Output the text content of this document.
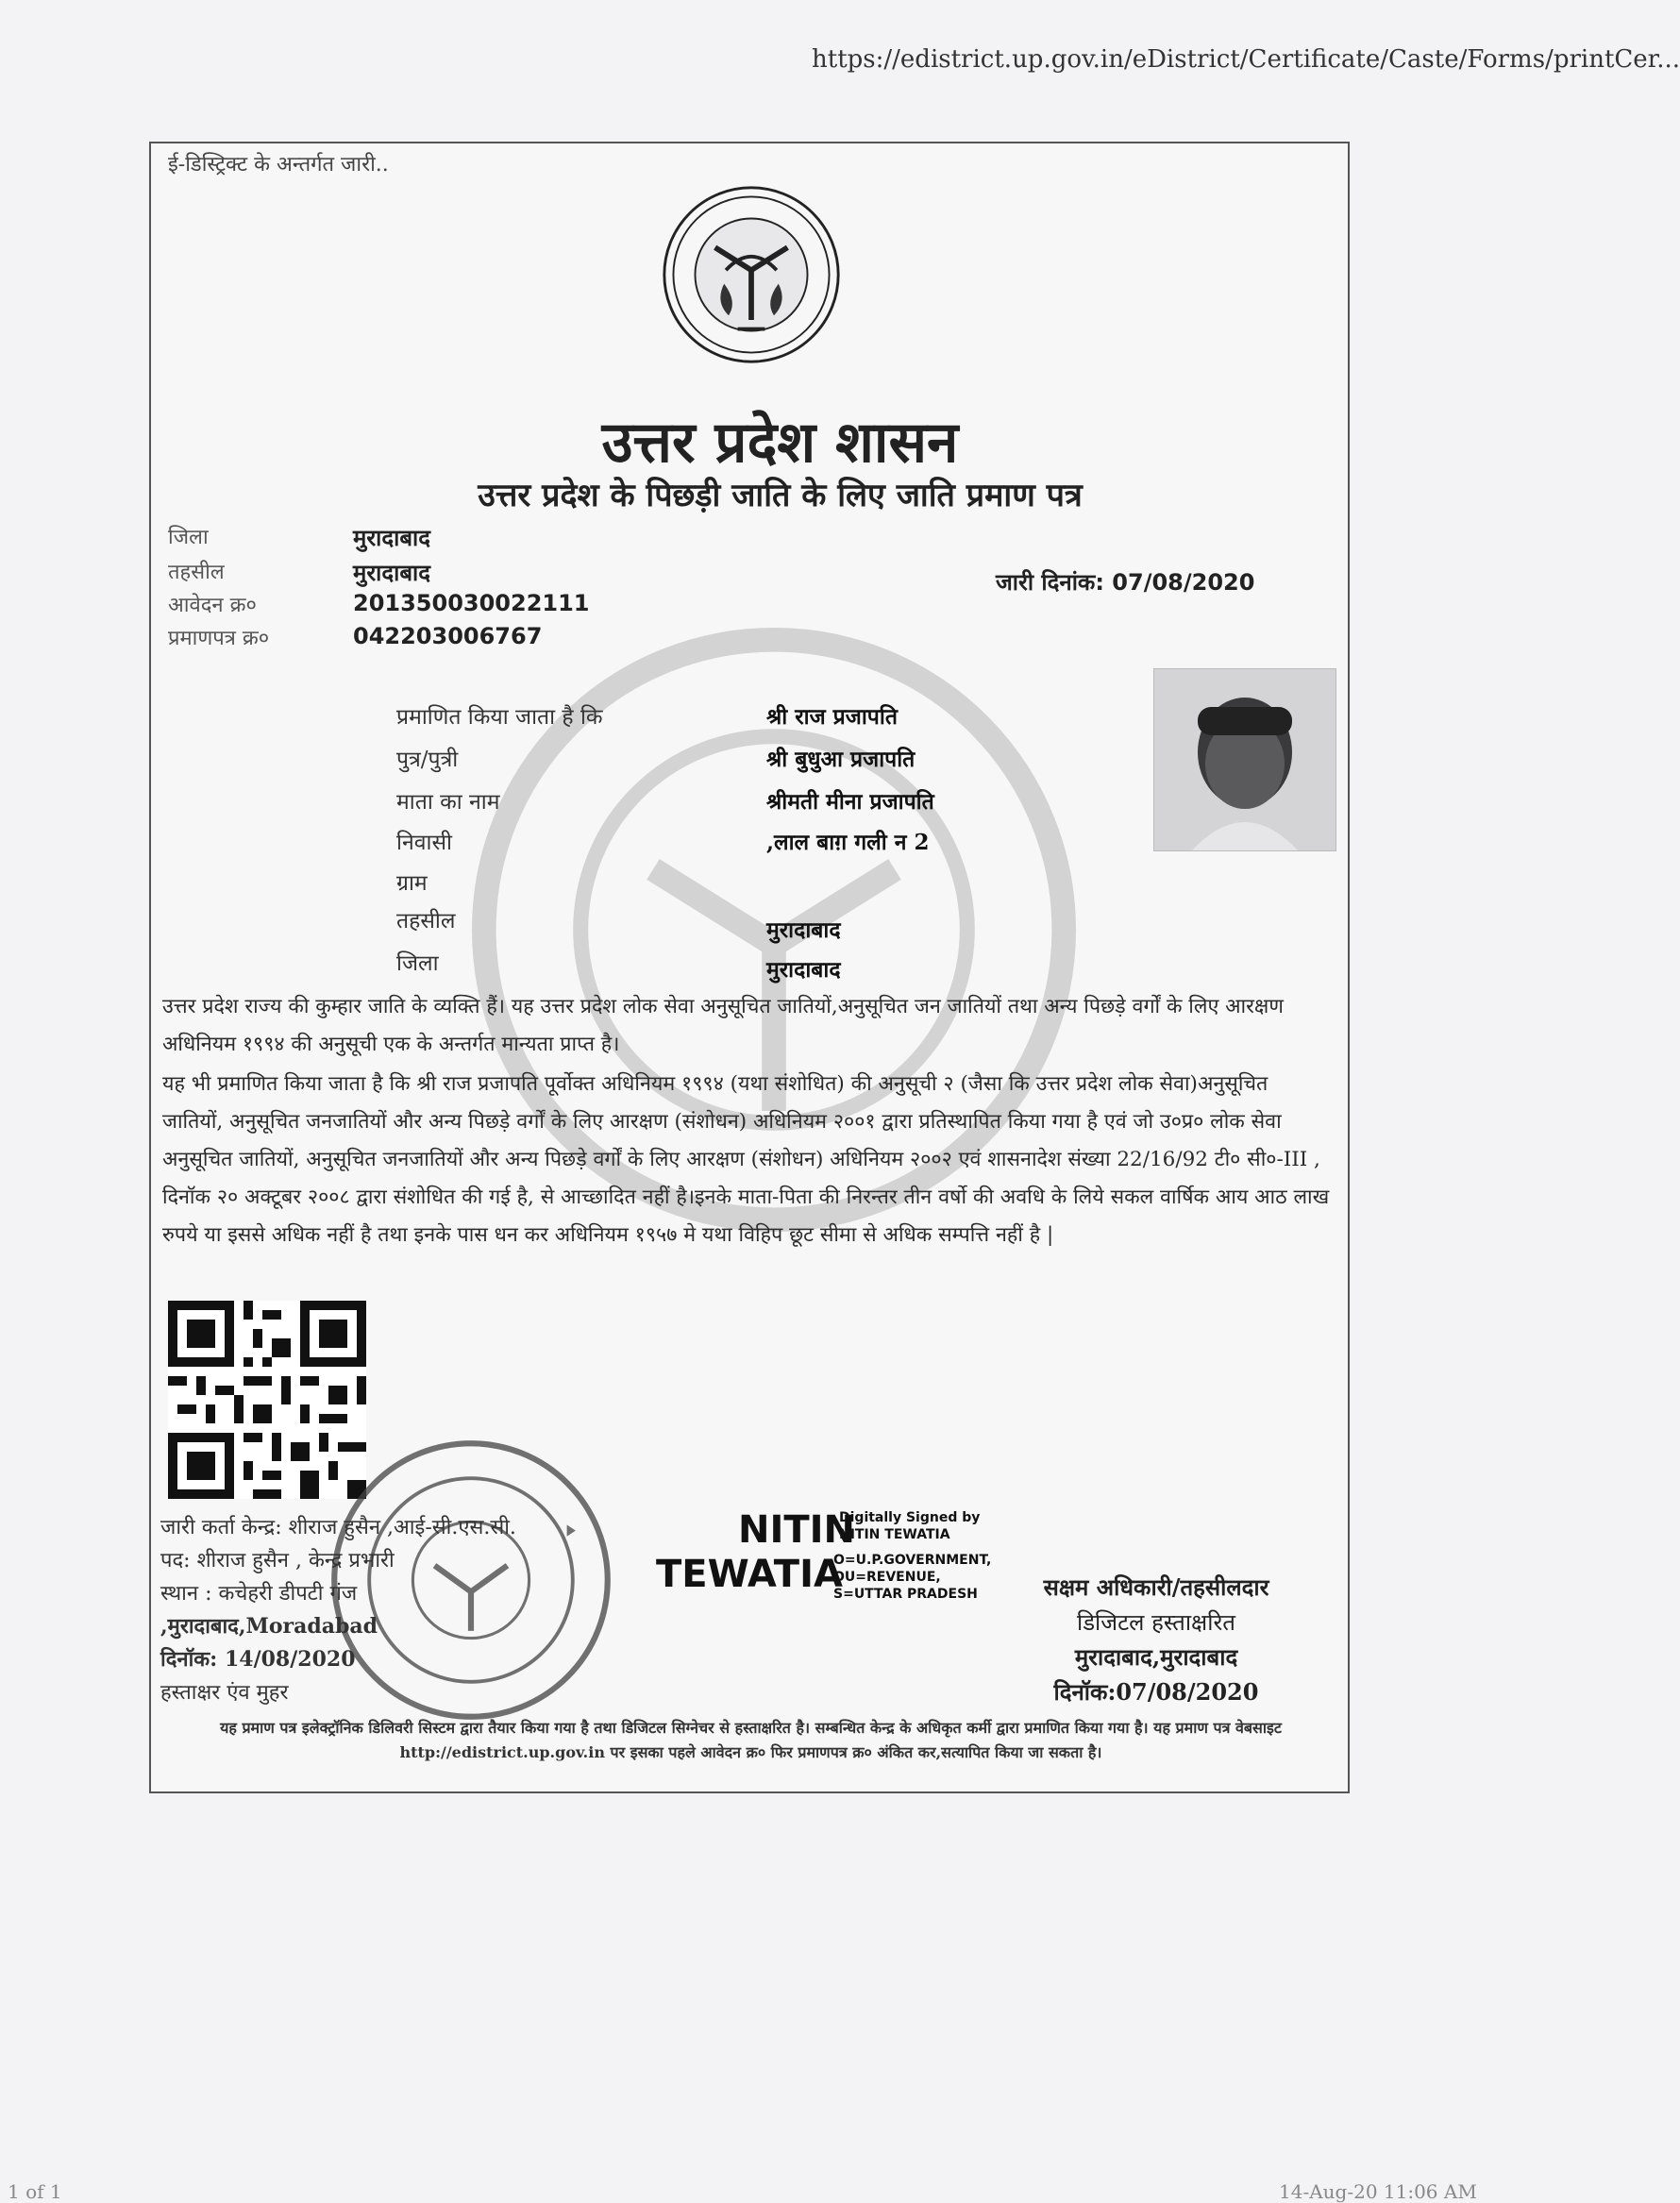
https://edistrict.up.gov.in/eDistrict/Certificate/Caste/Forms/printCer...
ई-डिस्ट्रिक्ट के अन्तर्गत जारी..
उत्तर प्रदेश शासन
उत्तर प्रदेश के पिछड़ी जाति के लिए जाति प्रमाण पत्र
जिला	मुरादाबाद
तहसील	मुरादाबाद
आवेदन क्र०	201350030022111
प्रमाणपत्र क्र०	042203006767
जारी दिनांक: 07/08/2020
प्रमाणित किया जाता है कि	श्री राज प्रजापति
पुत्र/पुत्री	श्री बुधुआ प्रजापति
माता का नाम	श्रीमती मीना प्रजापति
निवासी	,लाल बाग़ गली न 2
ग्राम
तहसील	मुरादाबाद
जिला	मुरादाबाद

उत्तर प्रदेश राज्य की कुम्हार जाति के व्यक्ति हैं। यह उत्तर प्रदेश लोक सेवा अनुसूचित जातियों,अनुसूचित जन जातियों तथा अन्य पिछड़े वर्गों के लिए आरक्षण अधिनियम १९९४ की अनुसूची एक के अन्तर्गत मान्यता प्राप्त है।

यह भी प्रमाणित किया जाता है कि श्री राज प्रजापति पूर्वोक्त अधिनियम १९९४ (यथा संशोधित) की अनुसूची २ (जैसा कि उत्तर प्रदेश लोक सेवा)अनुसूचित जातियों, अनुसूचित जनजातियों और अन्य पिछड़े वर्गों के लिए आरक्षण (संशोधन) अधिनियम २००१ द्वारा प्रतिस्थापित किया गया है एवं जो उ०प्र० लोक सेवा अनुसूचित जातियों, अनुसूचित जनजातियों और अन्य पिछड़े वर्गों के लिए आरक्षण (संशोधन) अधिनियम २००२ एवं शासनादेश संख्या 22/16/92 टी० सी०-III , दिनॉक २० अक्टूबर २००८ द्वारा संशोधित की गई है, से आच्छादित नहीं है।इनके माता-पिता की निरन्तर तीन वर्षो की अवधि के लिये सकल वार्षिक आय आठ लाख रुपये या इससे अधिक नहीं है तथा इनके पास धन कर अधिनियम १९५७ मे यथा विहिप छूट सीमा से अधिक सम्पत्ति नहीं है |

जारी कर्ता केन्द्र: शीराज हुसैन ,आई-सी.एस.सी.
पद: शीराज हुसैन , केन्द्र प्रभारी
स्थान : कचेहरी डीपटी गंज
,मुरादाबाद,Moradabad
दिनॉक: 14/08/2020
हस्ताक्षर एंव मुहर
NITIN
Digitally Signed by
NITIN TEWATIA
TEWATIA
O=U.P.GOVERNMENT,
OU=REVENUE,
S=UTTAR PRADESH	सक्षम अधिकारी/तहसीलदार
डिजिटल हस्ताक्षरित
मुरादाबाद,मुरादाबाद
दिनॉक:07/08/2020
यह प्रमाण पत्र इलेक्ट्रॉनिक डिलिवरी सिस्टम द्वारा तैयार किया गया है तथा डिजिटल सिग्नेचर से हस्ताक्षरित है। सम्बन्धित केन्द्र के अधिकृत कर्मी द्वारा प्रमाणित किया गया है। यह प्रमाण पत्र वेबसाइट http://edistrict.up.gov.in पर इसका पहले आवेदन क्र० फिर प्रमाणपत्र क्र० अंकित कर,सत्यापित किया जा सकता है।
1 of 1	14-Aug-20 11:06 AM
